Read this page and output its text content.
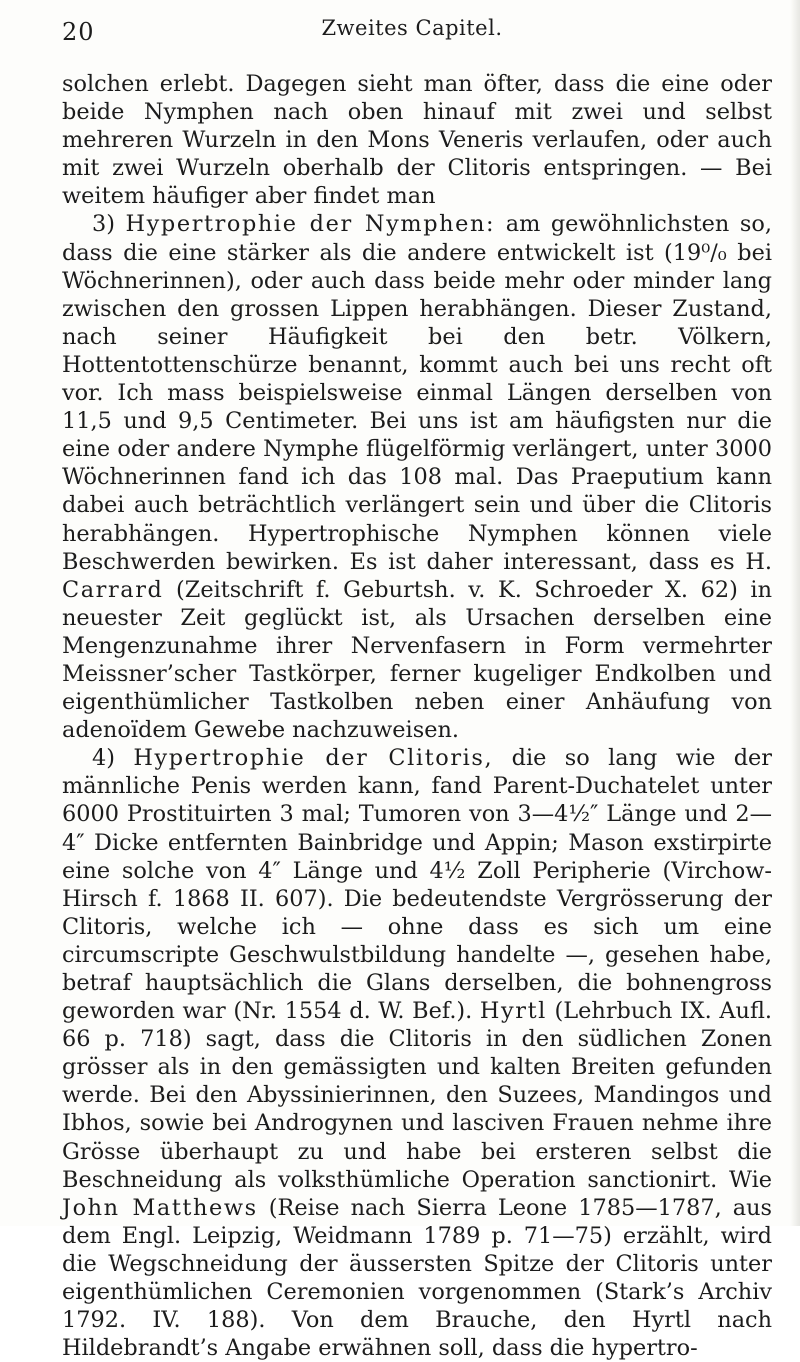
20	Zweites Capitel.

solchen erlebt. Dagegen sieht man öfter, dass die eine oder beide Nymphen nach oben hinauf mit zwei und selbst mehreren Wurzeln in den Mons Veneris verlaufen, oder auch mit zwei Wurzeln oberhalb der Clitoris entspringen. — Bei weitem häufiger aber findet man

3) Hypertrophie der Nymphen: am gewöhnlichsten so, dass die eine stärker als die andere entwickelt ist (19⁰/₀ bei Wöchnerinnen), oder auch dass beide mehr oder minder lang zwischen den grossen Lippen herabhängen. Dieser Zustand, nach seiner Häufigkeit bei den betr. Völkern, Hottentottenschürze benannt, kommt auch bei uns recht oft vor. Ich mass beispielsweise einmal Längen derselben von 11,5 und 9,5 Centimeter. Bei uns ist am häufigsten nur die eine oder andere Nymphe flügelförmig verlängert, unter 3000 Wöchnerinnen fand ich das 108 mal. Das Praeputium kann dabei auch beträchtlich verlängert sein und über die Clitoris herabhängen. Hypertrophische Nymphen können viele Beschwerden bewirken. Es ist daher interessant, dass es H. Carrard (Zeitschrift f. Geburtsh. v. K. Schroeder X. 62) in neuester Zeit geglückt ist, als Ursachen derselben eine Mengenzunahme ihrer Nervenfasern in Form vermehrter Meissner’scher Tastkörper, ferner kugeliger Endkolben und eigenthümlicher Tastkolben neben einer Anhäufung von adenoïdem Gewebe nachzuweisen.

4) Hypertrophie der Clitoris, die so lang wie der männliche Penis werden kann, fand Parent-Duchatelet unter 6000 Prostituirten 3 mal; Tumoren von 3—4½″ Länge und 2—4″ Dicke entfernten Bainbridge und Appin; Mason exstirpirte eine solche von 4″ Länge und 4½ Zoll Peripherie (Virchow-Hirsch f. 1868 II. 607). Die bedeutendste Vergrösserung der Clitoris, welche ich — ohne dass es sich um eine circumscripte Geschwulstbildung handelte —, gesehen habe, betraf hauptsächlich die Glans derselben, die bohnengross geworden war (Nr. 1554 d. W. Bef.). Hyrtl (Lehrbuch IX. Aufl. 66 p. 718) sagt, dass die Clitoris in den südlichen Zonen grösser als in den gemässigten und kalten Breiten gefunden werde. Bei den Abyssinierinnen, den Suzees, Mandingos und Ibhos, sowie bei Androgynen und lasciven Frauen nehme ihre Grösse überhaupt zu und habe bei ersteren selbst die Beschneidung als volksthümliche Operation sanctionirt. Wie John Matthews (Reise nach Sierra Leone 1785—1787, aus dem Engl. Leipzig, Weidmann 1789 p. 71—75) erzählt, wird die Wegschneidung der äussersten Spitze der Clitoris unter eigenthümlichen Ceremonien vorgenommen (Stark’s Archiv 1792. IV. 188). Von dem Brauche, den Hyrtl nach Hildebrandt’s Angabe erwähnen soll, dass die hypertro-
